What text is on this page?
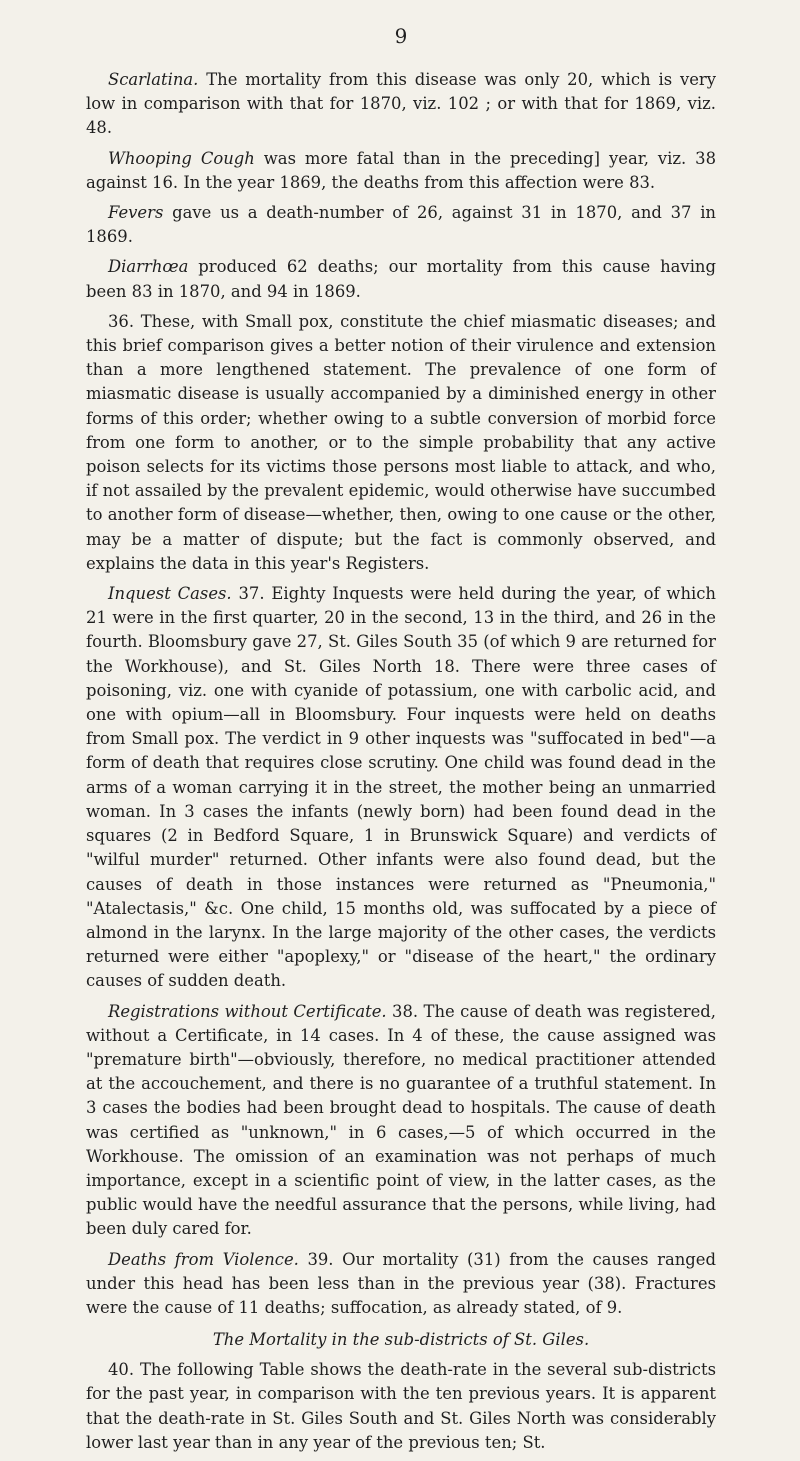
9

Scarlatina. The mortality from this disease was only 20, which is very low in comparison with that for 1870, viz. 102 ; or with that for 1869, viz. 48.

Whooping Cough was more fatal than in the preceding] year, viz. 38 against 16. In the year 1869, the deaths from this affection were 83.

Fevers gave us a death-number of 26, against 31 in 1870, and 37 in 1869.

Diarrhœa produced 62 deaths; our mortality from this cause having been 83 in 1870, and 94 in 1869.

36. These, with Small pox, constitute the chief miasmatic diseases; and this brief comparison gives a better notion of their virulence and extension than a more lengthened statement. The prevalence of one form of miasmatic disease is usually accompanied by a diminished energy in other forms of this order; whether owing to a subtle conversion of morbid force from one form to another, or to the simple probability that any active poison selects for its victims those persons most liable to attack, and who, if not assailed by the prevalent epidemic, would otherwise have succumbed to another form of disease—whether, then, owing to one cause or the other, may be a matter of dispute; but the fact is commonly observed, and explains the data in this year's Registers.

Inquest Cases. 37. Eighty Inquests were held during the year, of which 21 were in the first quarter, 20 in the second, 13 in the third, and 26 in the fourth. Bloomsbury gave 27, St. Giles South 35 (of which 9 are returned for the Workhouse), and St. Giles North 18. There were three cases of poisoning, viz. one with cyanide of potassium, one with carbolic acid, and one with opium—all in Bloomsbury. Four inquests were held on deaths from Small pox. The verdict in 9 other inquests was "suffocated in bed"—a form of death that requires close scrutiny. One child was found dead in the arms of a woman carrying it in the street, the mother being an unmarried woman. In 3 cases the infants (newly born) had been found dead in the squares (2 in Bedford Square, 1 in Brunswick Square) and verdicts of "wilful murder" returned. Other infants were also found dead, but the causes of death in those instances were returned as "Pneumonia," "Atalectasis," &c. One child, 15 months old, was suffocated by a piece of almond in the larynx. In the large majority of the other cases, the verdicts returned were either "apoplexy," or "disease of the heart," the ordinary causes of sudden death.

Registrations without Certificate. 38. The cause of death was registered, without a Certificate, in 14 cases. In 4 of these, the cause assigned was "premature birth"—obviously, therefore, no medical practitioner attended at the accouchement, and there is no guarantee of a truthful statement. In 3 cases the bodies had been brought dead to hospitals. The cause of death was certified as "unknown," in 6 cases,—5 of which occurred in the Workhouse. The omission of an examination was not perhaps of much importance, except in a scientific point of view, in the latter cases, as the public would have the needful assurance that the persons, while living, had been duly cared for.

Deaths from Violence. 39. Our mortality (31) from the causes ranged under this head has been less than in the previous year (38). Fractures were the cause of 11 deaths; suffocation, as already stated, of 9.

The Mortality in the sub-districts of St. Giles.

40. The following Table shows the death-rate in the several sub-districts for the past year, in comparison with the ten previous years. It is apparent that the death-rate in St. Giles South and St. Giles North was considerably lower last year than in any year of the previous ten; St.
